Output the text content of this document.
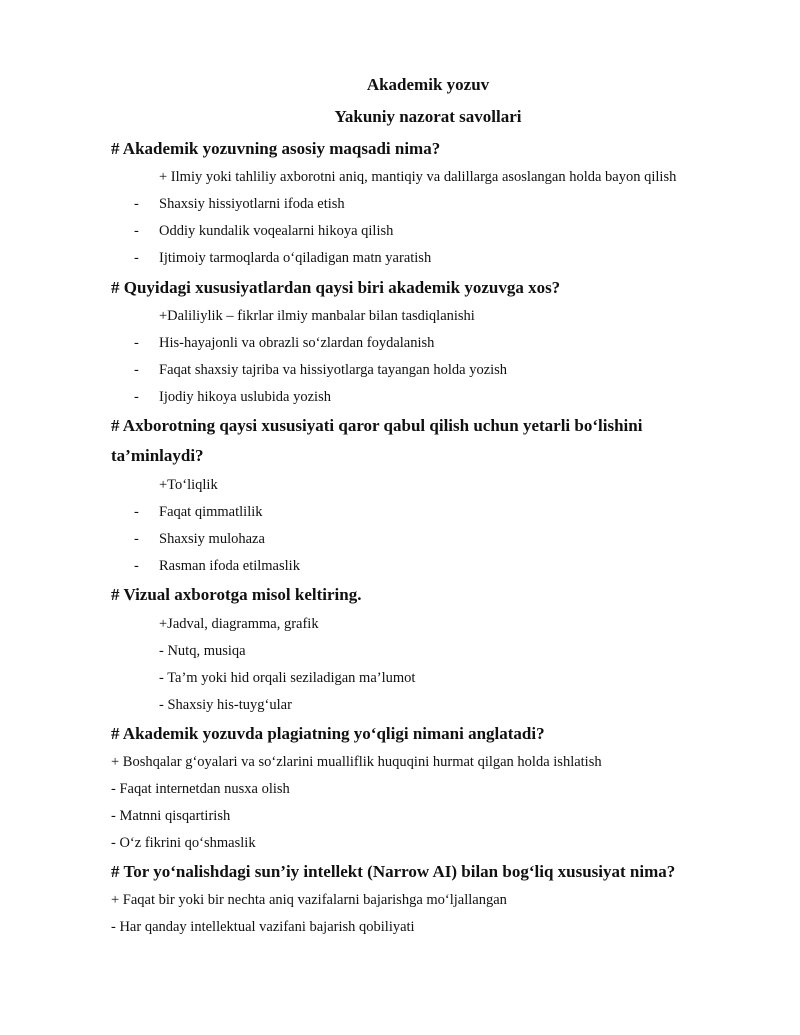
Akademik yozuv
Yakuniy nazorat savollari
# Akademik yozuvning asosiy maqsadi nima?
+ Ilmiy yoki tahliliy axborotni aniq, mantiqiy va dalillarga asoslangan holda bayon qilish
- Shaxsiy hissiyotlarni ifoda etish
- Oddiy kundalik voqealarni hikoya qilish
- Ijtimoiy tarmoqlarda o‘qiladigan matn yaratish
# Quyidagi xususiyatlardan qaysi biri akademik yozuvga xos?
+Daliliylik – fikrlar ilmiy manbalar bilan tasdiqlanishi
- His-hayajonli va obrazli so‘zlardan foydalanish
- Faqat shaxsiy tajriba va hissiyotlarga tayangan holda yozish
- Ijodiy hikoya uslubida yozish
# Axborotning qaysi xususiyati qaror qabul qilish uchun yetarli bo‘lishini
ta’minlaydi?
+To‘liqlik
- Faqat qimmatlilik
- Shaxsiy mulohaza
- Rasman ifoda etilmaslik
# Vizual axborotga misol keltiring.
+Jadval, diagramma, grafik
- Nutq, musiqa
- Ta’m yoki hid orqali seziladigan ma’lumot
- Shaxsiy his-tuyg‘ular
# Akademik yozuvda plagiatning yo‘qligi nimani anglatadi?
+ Boshqalar g‘oyalari va so‘zlarini mualliflik huquqini hurmat qilgan holda ishlatish
- Faqat internetdan nusxa olish
- Matnni qisqartirish
- O‘z fikrini qo‘shmaslik
# Tor yo‘nalishdagi sun’iy intellekt (Narrow AI) bilan bog‘liq xususiyat nima?
+ Faqat bir yoki bir nechta aniq vazifalarni bajarishga mo‘ljallangan
- Har qanday intellektual vazifani bajarish qobiliyati
